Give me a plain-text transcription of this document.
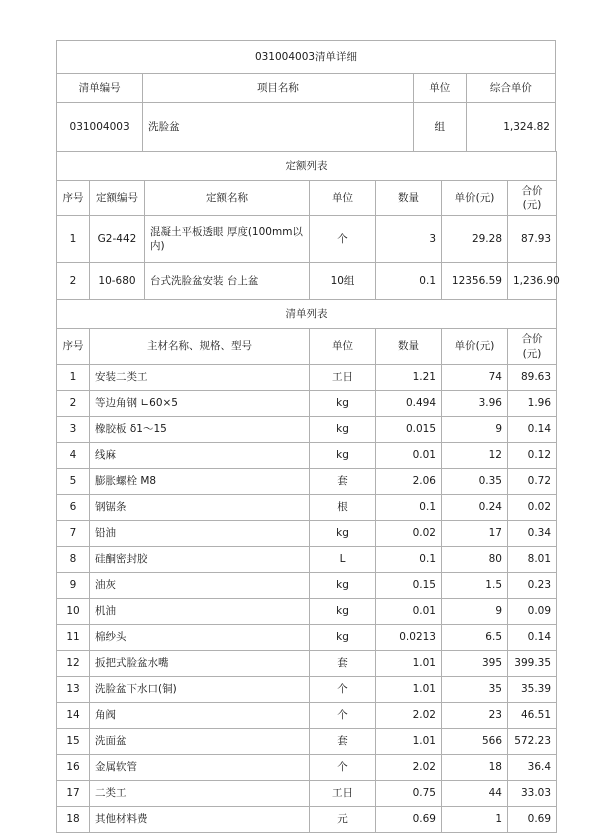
031004003清单详细			
清单编号	项目名称	单位	综合单价
031004003	洗脸盆	组	1,324.82
定额列表						
序号	定额编号	定额名称	单位	数量	单价(元)	合价(元)
1	G2-442	混凝土平板透眼 厚度(100mm以内)	个	3	29.28	87.93
2	10-680	台式洗脸盆安装 台上盆	10组	0.1	12356.59	1,236.90
清单列表					
序号	主材名称、规格、型号	单位	数量	单价(元)	合价(元)
1	安装二类工	工日	1.21	74	89.63
2	等边角钢 ∟60×5	kg	0.494	3.96	1.96
3	橡胶板 δ1～15	kg	0.015	9	0.14
4	线麻	kg	0.01	12	0.12
5	膨胀螺栓 M8	套	2.06	0.35	0.72
6	钢锯条	根	0.1	0.24	0.02
7	铅油	kg	0.02	17	0.34
8	硅酮密封胶	L	0.1	80	8.01
9	油灰	kg	0.15	1.5	0.23
10	机油	kg	0.01	9	0.09
11	棉纱头	kg	0.0213	6.5	0.14
12	扳把式脸盆水嘴	套	1.01	395	399.35
13	洗脸盆下水口(铜)	个	1.01	35	35.39
14	角阀	个	2.02	23	46.51
15	洗面盆	套	1.01	566	572.23
16	金属软管	个	2.02	18	36.4
17	二类工	工日	0.75	44	33.03
18	其他材料费	元	0.69	1	0.69
